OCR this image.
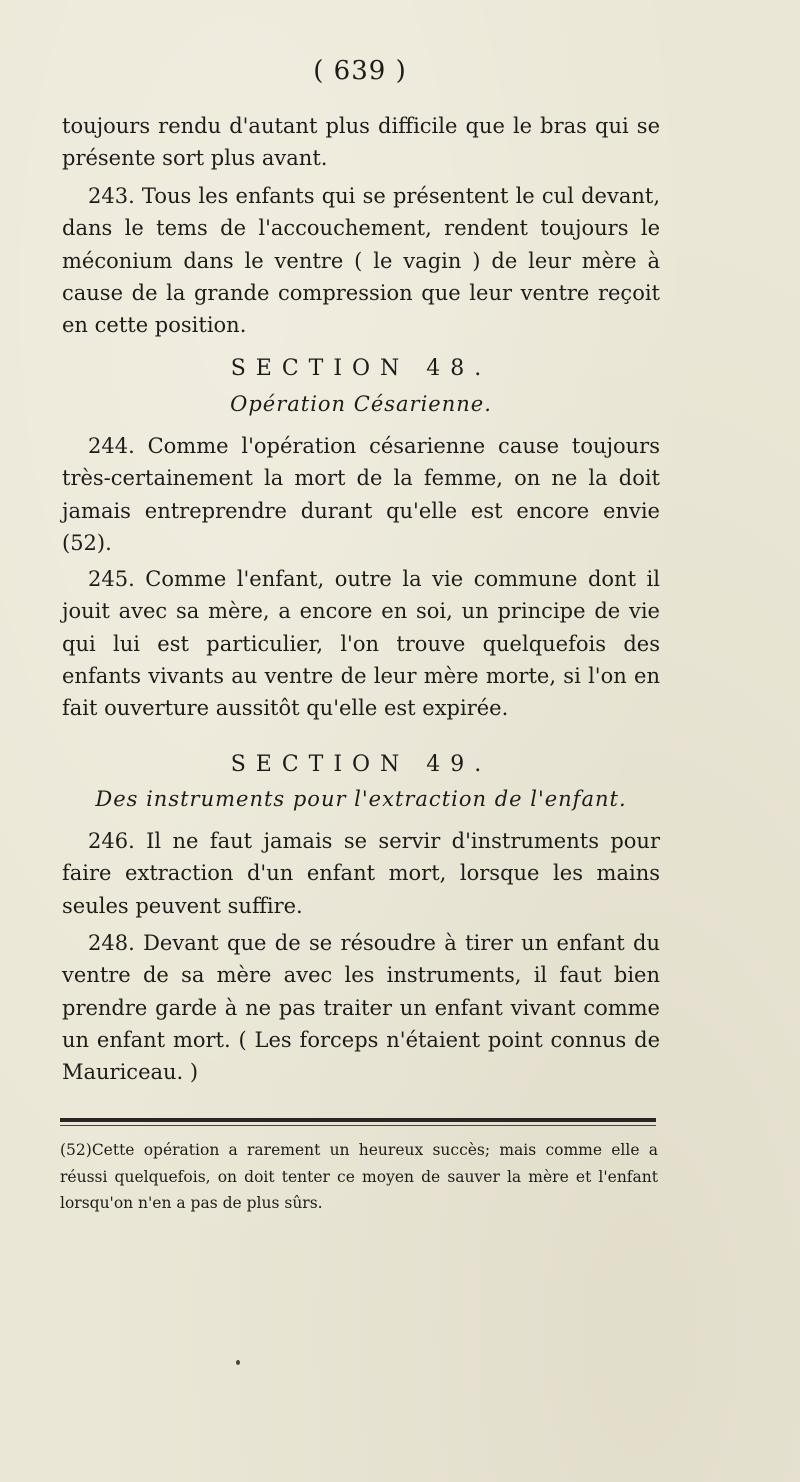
( 639 )
toujours rendu d'autant plus difficile que le bras qui se présente sort plus avant.
243. Tous les enfants qui se présentent le cul devant, dans le tems de l'accouchement, rendent toujours le méconium dans le ventre ( le vagin ) de leur mère à cause de la grande compression que leur ventre reçoit en cette position.
SECTION 48.
Opération Césarienne.
244. Comme l'opération césarienne cause toujours très-certainement la mort de la femme, on ne la doit jamais entreprendre durant qu'elle est encore envie (52).
245. Comme l'enfant, outre la vie commune dont il jouit avec sa mère, a encore en soi, un principe de vie qui lui est particulier, l'on trouve quelquefois des enfants vivants au ventre de leur mère morte, si l'on en fait ouverture aussitôt qu'elle est expirée.
SECTION 49.
Des instruments pour l'extraction de l'enfant.
246. Il ne faut jamais se servir d'instruments pour faire extraction d'un enfant mort, lorsque les mains seules peuvent suffire.
248. Devant que de se résoudre à tirer un enfant du ventre de sa mère avec les instruments, il faut bien prendre garde à ne pas traiter un enfant vivant comme un enfant mort. ( Les forceps n'étaient point connus de Mauriceau. )
(52)Cette opération a rarement un heureux succès; mais comme elle a réussi quelquefois, on doit tenter ce moyen de sauver la mère et l'enfant lorsqu'on n'en a pas de plus sûrs.
